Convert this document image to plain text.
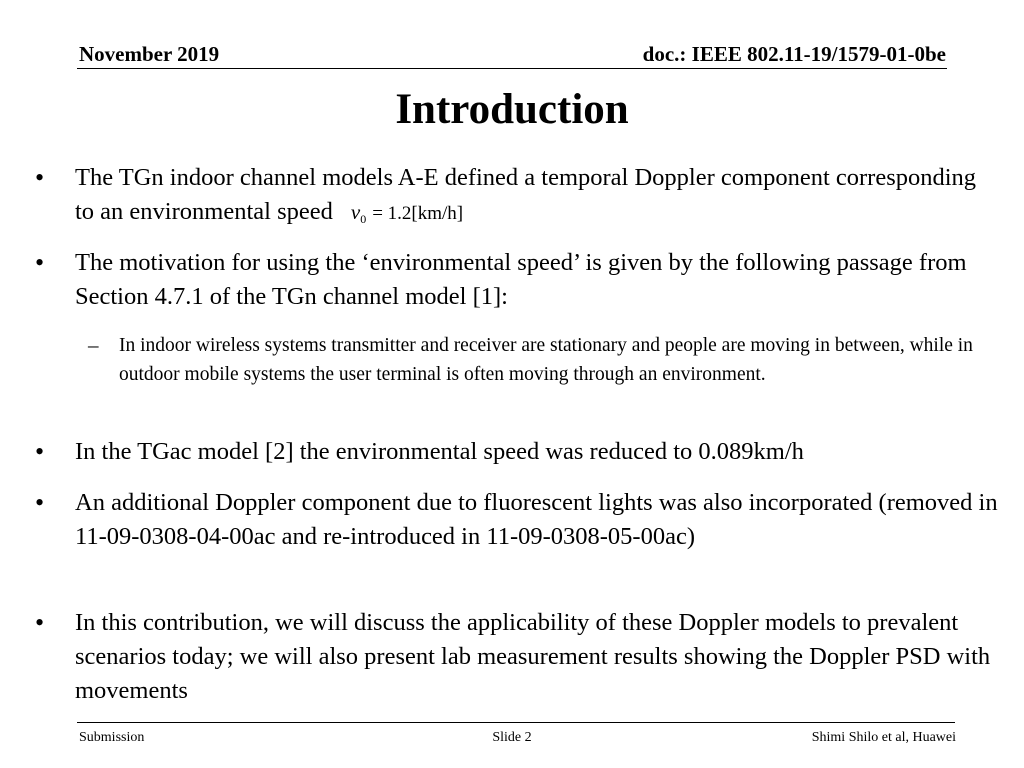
November 2019	doc.: IEEE 802.11-19/1579-01-0be
Introduction
• The TGn indoor channel models A-E defined a temporal Doppler component corresponding to an environmental speed $v_0 = 1.2[km/h]$
• The motivation for using the ‘environmental speed’ is given by the following passage from Section 4.7.1 of the TGn channel model [1]:
– In indoor wireless systems transmitter and receiver are stationary and people are moving in between, while in outdoor mobile systems the user terminal is often moving through an environment.
• In the TGac model [2] the environmental speed was reduced to 0.089km/h
• An additional Doppler component due to fluorescent lights was also incorporated (removed in 11-09-0308-04-00ac and re-introduced in 11-09-0308-05-00ac)
• In this contribution, we will discuss the applicability of these Doppler models to prevalent scenarios today; we will also present lab measurement results showing the Doppler PSD with movements
Submission	Slide 2	Shimi Shilo et al, Huawei
